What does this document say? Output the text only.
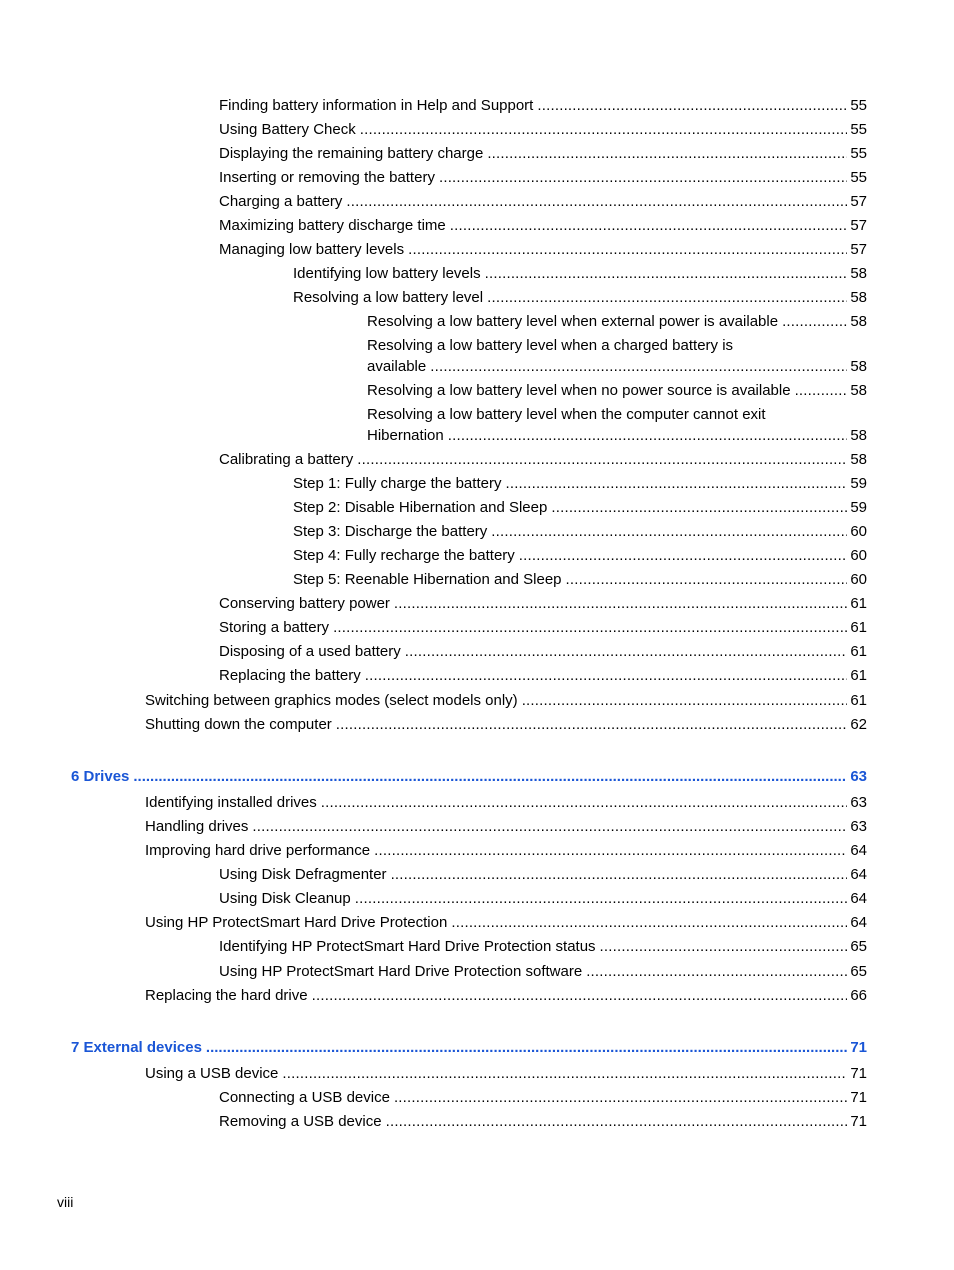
Finding battery information in Help and Support .....	55
Using Battery Check .....	55
Displaying the remaining battery charge .....	55
Inserting or removing the battery .....	55
Charging a battery .....	57
Maximizing battery discharge time .....	57
Managing low battery levels .....	57
Identifying low battery levels .....	58
Resolving a low battery level .....	58
Resolving a low battery level when external power is available .....	58
Resolving a low battery level when a charged battery is
available .....	58
Resolving a low battery level when no power source is available .....	58
Resolving a low battery level when the computer cannot exit
Hibernation .....	58
Calibrating a battery .....	58
Step 1: Fully charge the battery .....	59
Step 2: Disable Hibernation and Sleep .....	59
Step 3: Discharge the battery .....	60
Step 4: Fully recharge the battery .....	60
Step 5: Reenable Hibernation and Sleep .....	60
Conserving battery power .....	61
Storing a battery .....	61
Disposing of a used battery .....	61
Replacing the battery .....	61
Switching between graphics modes (select models only) .....	61
Shutting down the computer .....	62
6 Drives .....	63
Identifying installed drives .....	63
Handling drives .....	63
Improving hard drive performance .....	64
Using Disk Defragmenter .....	64
Using Disk Cleanup .....	64
Using HP ProtectSmart Hard Drive Protection .....	64
Identifying HP ProtectSmart Hard Drive Protection status .....	65
Using HP ProtectSmart Hard Drive Protection software .....	65
Replacing the hard drive .....	66
7 External devices .....	71
Using a USB device .....	71
Connecting a USB device .....	71
Removing a USB device .....	71
viii
